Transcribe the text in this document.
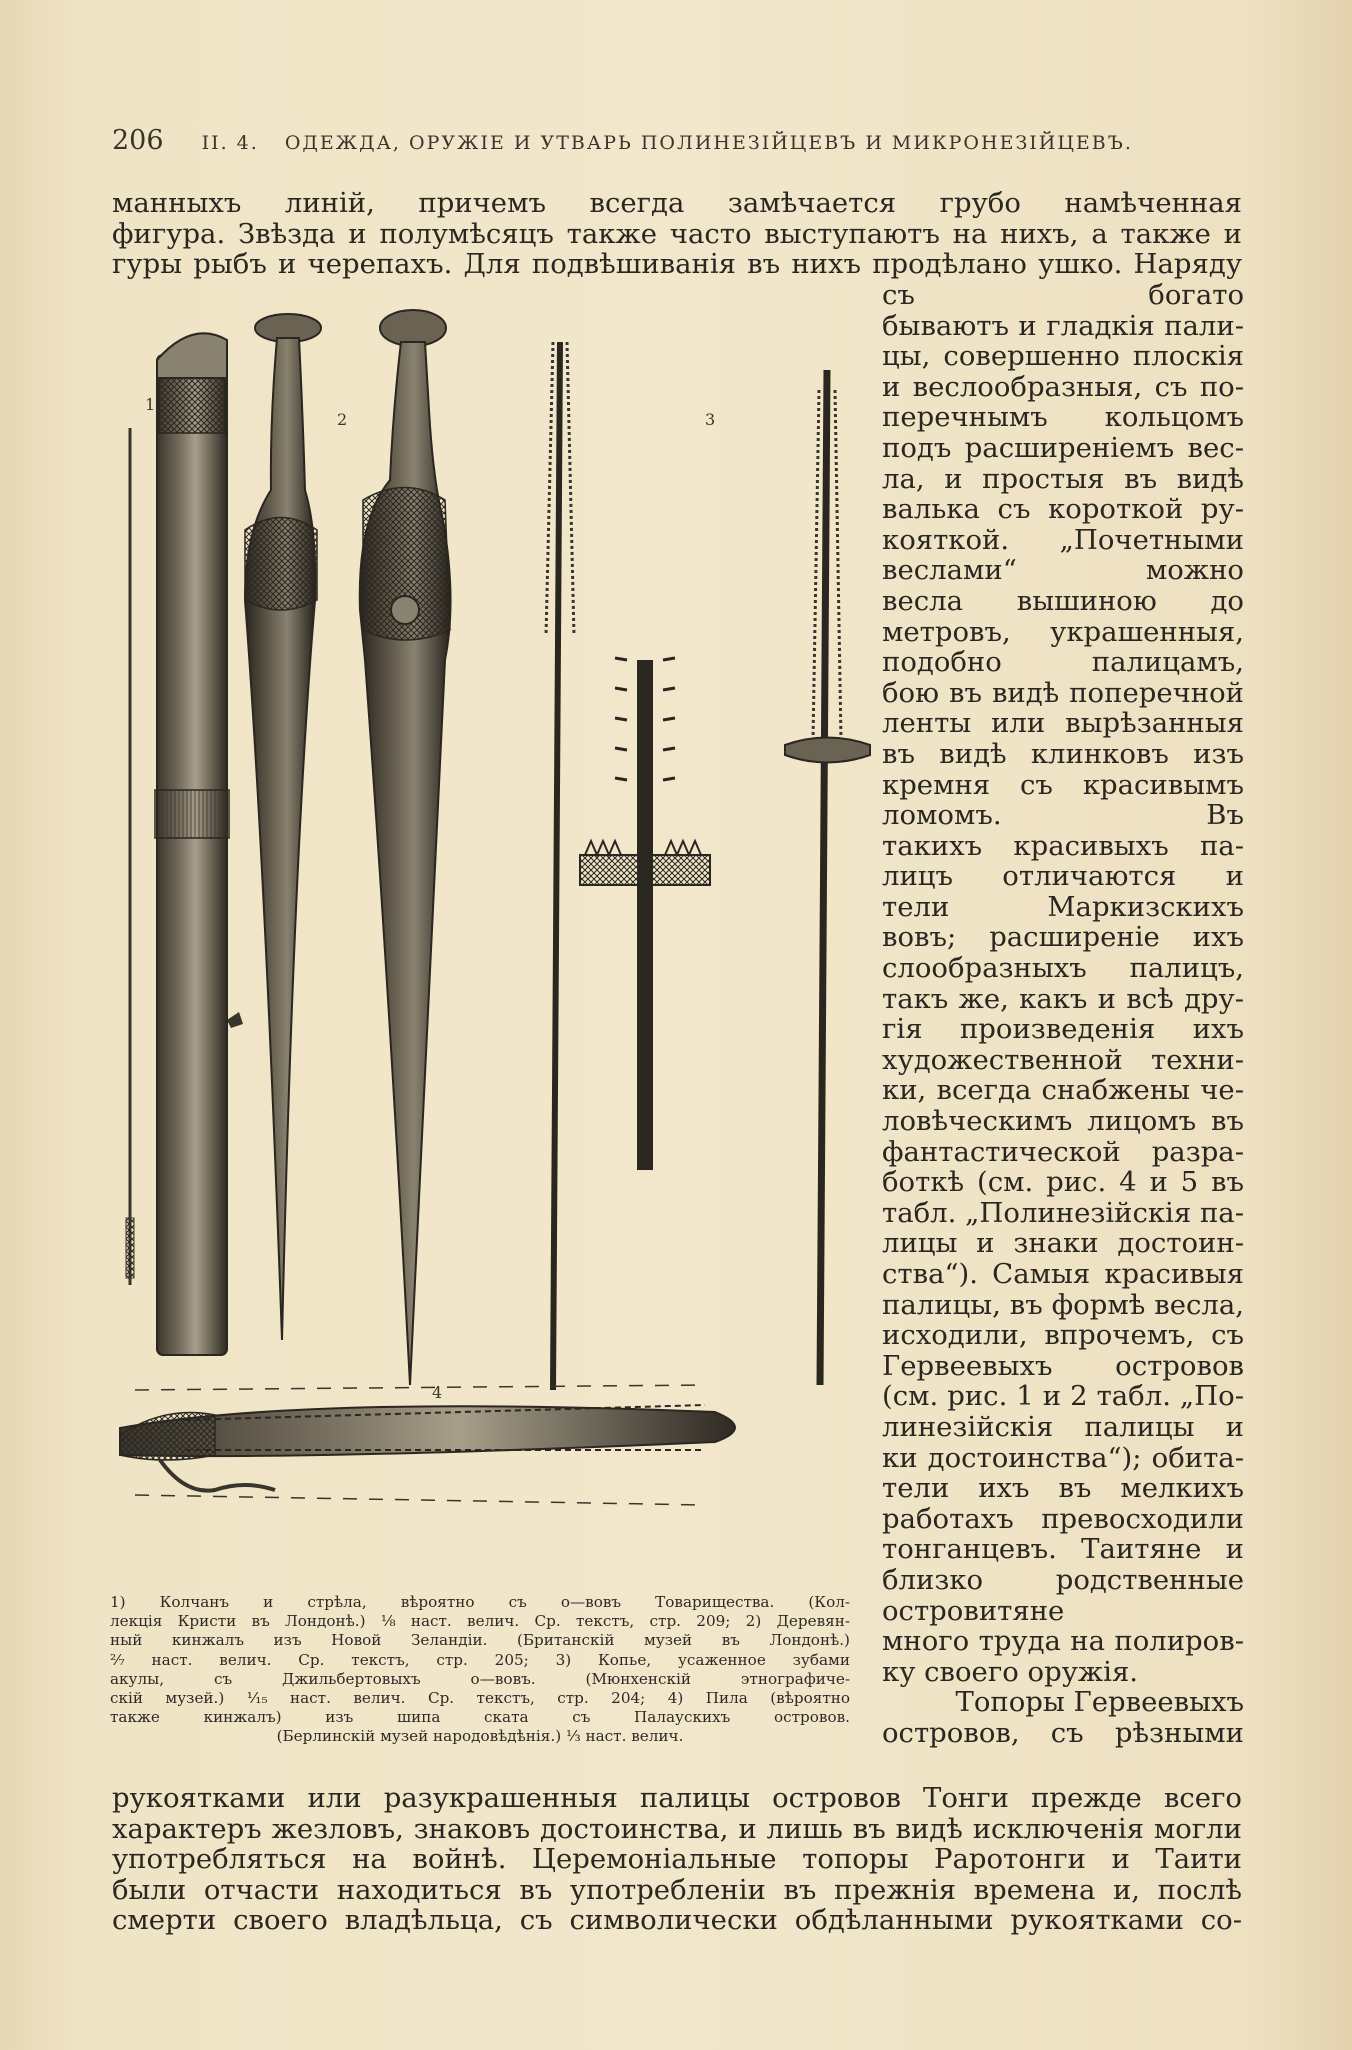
206 II. 4. ОДЕЖДА, ОРУЖІЕ И УТВАРЬ ПОЛИНЕЗІЙЦЕВЪ И МИКРОНЕЗІЙЦЕВЪ.
манныхъ линій, причемъ всегда замѣчается грубо намѣченная
фигура. Звѣзда и полумѣсяцъ также часто выступаютъ на нихъ, а также и
гуры рыбъ и черепахъ. Для подвѣшиванія въ нихъ продѣлано ушко. Наряду
1
2	3
4
съ богато
бываютъ и гладкія пали-
цы, совершенно плоскія
и веслообразныя, съ по-
перечнымъ кольцомъ
подъ расширеніемъ вес-
ла, и простыя въ видѣ
валька съ короткой ру-
кояткой. „Почетными
веслами“ можно
весла вышиною до
метровъ, украшенныя,
подобно палицамъ,
бою въ видѣ поперечной
ленты или вырѣзанныя
въ видѣ клинковъ изъ
кремня съ красивымъ
ломомъ. Въ
такихъ красивыхъ па-
лицъ отличаются и
тели Маркизскихъ
вовъ; расширеніе ихъ
слообразныхъ палицъ,
такъ же, какъ и всѣ дру-
гія произведенія ихъ
художественной техни-
ки, всегда снабжены че-
ловѣческимъ лицомъ въ
фантастической разра-
боткѣ (см. рис. 4 и 5 въ
табл. „Полинезійскія па-
лицы и знаки достоин-
ства“). Самыя красивыя
палицы, въ формѣ весла,
исходили, впрочемъ, съ
Гервеевыхъ островов
(см. рис. 1 и 2 табл. „По-
линезійскія палицы и
ки достоинства“); обита-
тели ихъ въ мелкихъ
работахъ превосходили
тонганцевъ. Таитяне и
близко родственные
островитяне
много труда на полиров-
ку своего оружія.
Топоры Гервеевыхъ
островов, съ рѣзными
1) Колчанъ и стрѣла, вѣроятно съ о—вовъ Товарищества. (Кол-
лекція Кристи въ Лондонѣ.) ⅛ наст. велич. Ср. текстъ, стр. 209; 2) Деревян-
ный кинжалъ изъ Новой Зеландіи. (Британскій музей въ Лондонѣ.)
²⁄₇ наст. велич. Ср. текстъ, стр. 205; 3) Копье, усаженное зубами
акулы, съ Джильбертовыхъ о—вовъ. (Мюнхенскій этнографиче-
скій музей.) ¹⁄₁₅ наст. велич. Ср. текстъ, стр. 204; 4) Пила (вѣроятно
также кинжалъ) изъ шипа ската съ Палаускихъ островов.
(Берлинскій музей народовѣдѣнія.) ⅓ наст. велич.
рукоятками или разукрашенныя палицы островов Тонги прежде всего
характеръ жезловъ, знаковъ достоинства, и лишь въ видѣ исключенія могли
употребляться на войнѣ. Церемоніальные топоры Раротонги и Таити
были отчасти находиться въ употребленіи въ прежнія времена и, послѣ
смерти своего владѣльца, съ символически обдѣланными рукоятками со-
